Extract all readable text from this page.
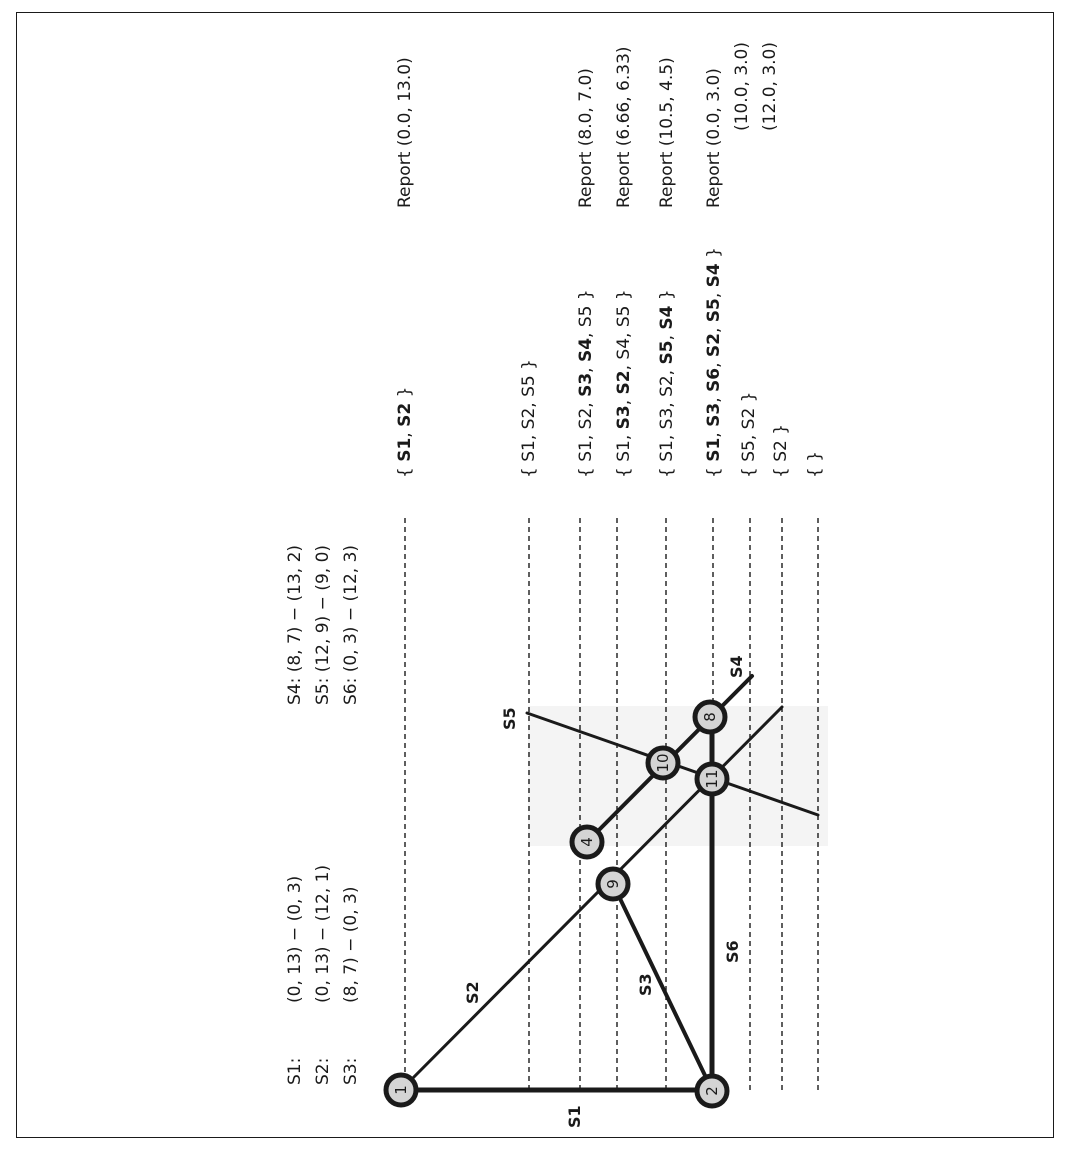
S1: S2: S3:
(0, 13) − (0, 3) (0, 13) − (12, 1) (8, 7) − (0, 3)
S4: (8, 7) − (13, 2) S5: (12, 9) − (9, 0) S6: (0, 3) − (12, 3)
S1
S2	S3
S4
S5
S6
1	2
4
8
9
10
11
{ S1, S2 }
Report (0.0, 13.0)
{ S1, S2, S5 }
{ S1, S2, S3, S4, S5 }
Report (8.0, 7.0)
{ S1, S3, S2, S4, S5 }
Report (6.66, 6.33)
{ S1, S3, S2, S5, S4 }
Report (10.5, 4.5)
{ S1, S3, S6, S2, S5, S4 }
Report (0.0, 3.0) (10.0, 3.0) (12.0, 3.0)
{ S5, S2 }
{ S2 }
{ }
